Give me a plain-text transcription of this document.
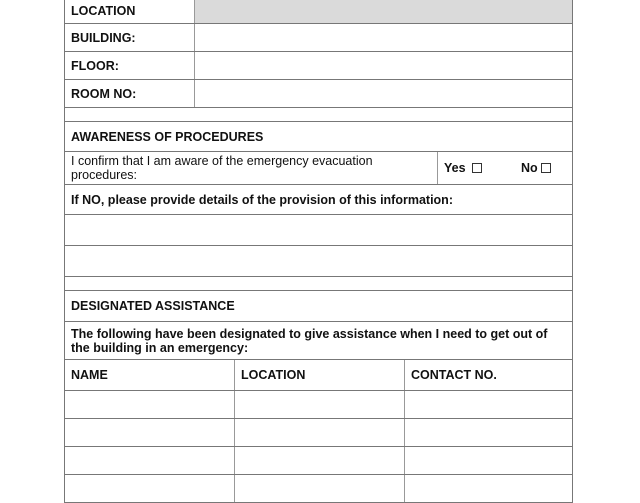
LOCATION
BUILDING:
FLOOR:
ROOM NO:
AWARENESS OF PROCEDURES
I confirm that I am aware of the emergency evacuation procedures:	Yes	No
If NO, please provide details of the provision of this information:
DESIGNATED ASSISTANCE
The following have been designated to give assistance when I need to get out of the building in an emergency:
NAME	LOCATION	CONTACT NO.
